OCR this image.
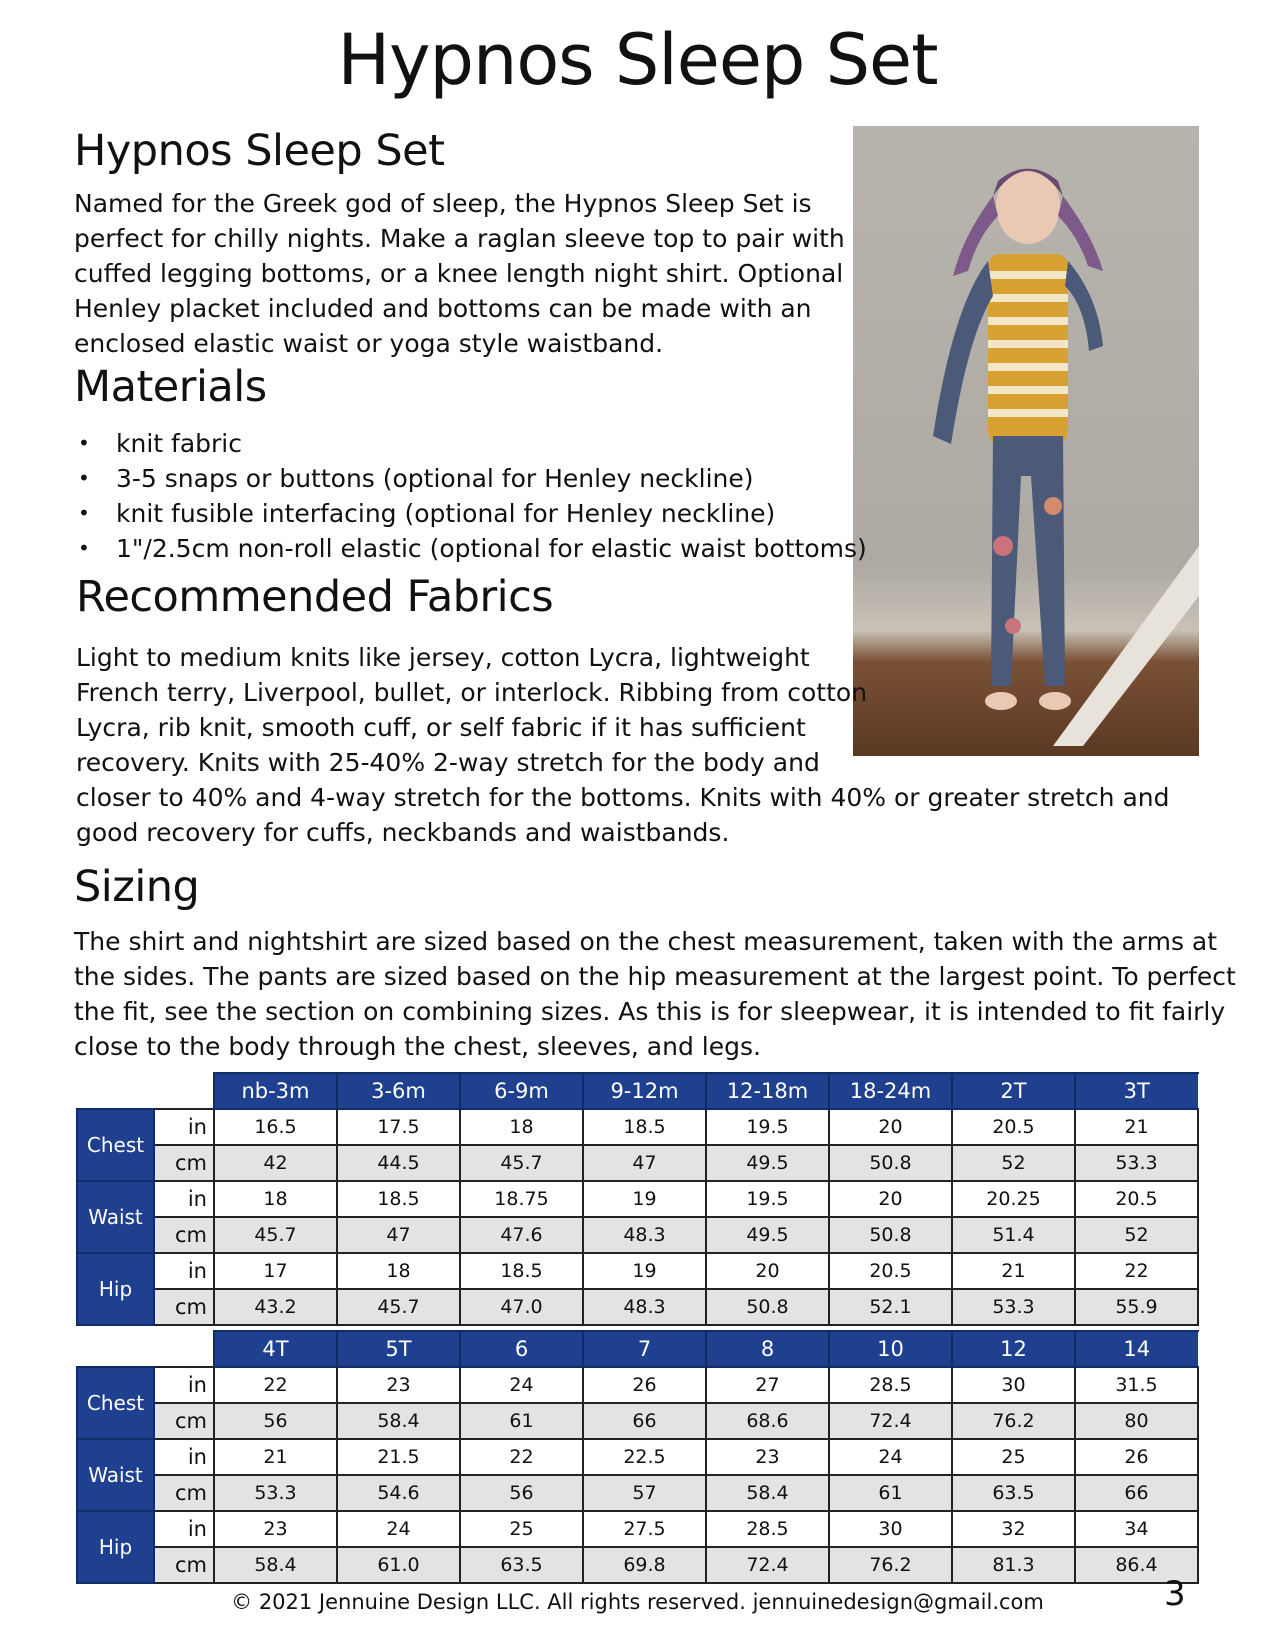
Hypnos Sleep Set
Hypnos Sleep Set
Named for the Greek god of sleep, the Hypnos Sleep Set is
perfect for chilly nights. Make a raglan sleeve top to pair with
cuffed legging bottoms, or a knee length night shirt. Optional
Henley placket included and bottoms can be made with an
enclosed elastic waist or yoga style waistband.
Materials
• knit fabric
• 3-5 snaps or buttons (optional for Henley neckline)
• knit fusible interfacing (optional for Henley neckline)
• 1"/2.5cm non-roll elastic (optional for elastic waist bottoms)
Recommended Fabrics
Light to medium knits like jersey, cotton Lycra, lightweight
French terry, Liverpool, bullet, or interlock. Ribbing from cotton
Lycra, rib knit, smooth cuff, or self fabric if it has sufficient
recovery. Knits with 25-40% 2-way stretch for the body and
closer to 40% and 4-way stretch for the bottoms. Knits with 40% or greater stretch and
good recovery for cuffs, neckbands and waistbands.
Sizing
The shirt and nightshirt are sized based on the chest measurement, taken with the arms at
the sides. The pants are sized based on the hip measurement at the largest point. To perfect
the fit, see the section on combining sizes. As this is for sleepwear, it is intended to fit fairly
close to the body through the chest, sleeves, and legs.
		nb-3m	3-6m	6-9m	9-12m	12-18m	18-24m	2T	3T
Chest	in	16.5	17.5	18	18.5	19.5	20	20.5	21
	cm	42	44.5	45.7	47	49.5	50.8	52	53.3
Waist	in	18	18.5	18.75	19	19.5	20	20.25	20.5
	cm	45.7	47	47.6	48.3	49.5	50.8	51.4	52
Hip	in	17	18	18.5	19	20	20.5	21	22
	cm	43.2	45.7	47.0	48.3	50.8	52.1	53.3	55.9
		4T	5T	6	7	8	10	12	14
Chest	in	22	23	24	26	27	28.5	30	31.5
	cm	56	58.4	61	66	68.6	72.4	76.2	80
Waist	in	21	21.5	22	22.5	23	24	25	26
	cm	53.3	54.6	56	57	58.4	61	63.5	66
Hip	in	23	24	25	27.5	28.5	30	32	34
	cm	58.4	61.0	63.5	69.8	72.4	76.2	81.3	86.4
© 2021 Jennuine Design LLC. All rights reserved. jennuinedesign@gmail.com	3
